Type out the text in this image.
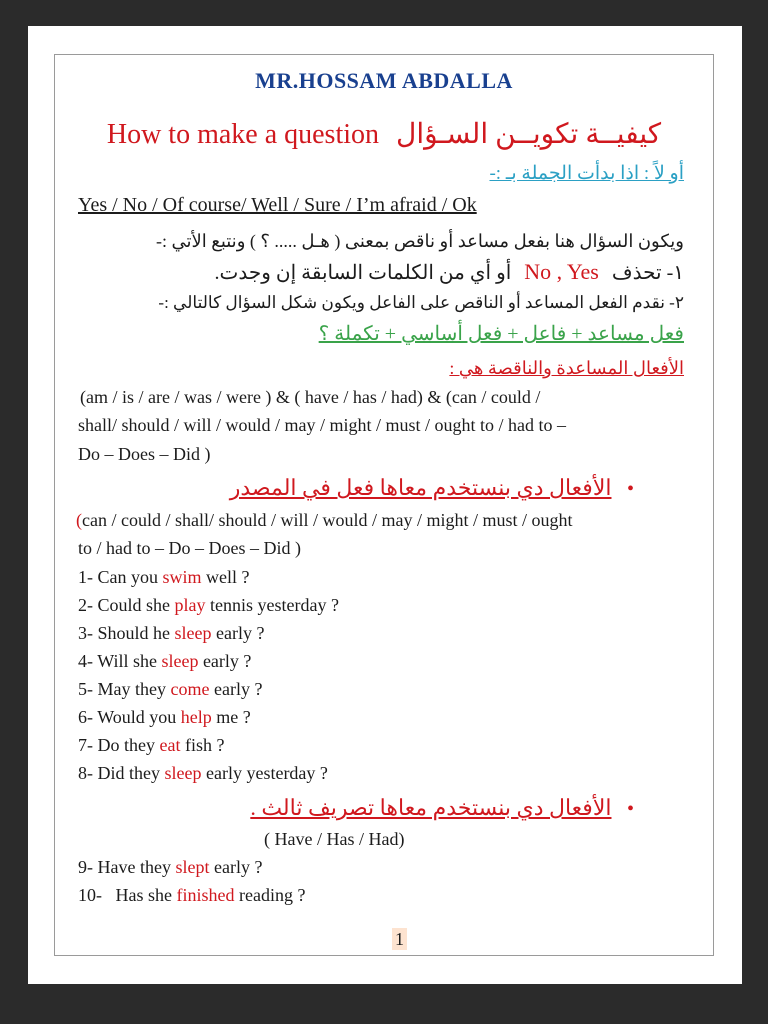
MR.HOSSAM ABDALLA
How to make a question كيفيــة تكويــن السـؤال
أو لاً : اذا بدأت الجملة بـ :-
Yes / No / Of course/ Well / Sure / I’m afraid / Ok
ويكون السؤال هنا بفعل مساعد أو ناقص بمعنى ( هـل ..... ؟ ) ونتبع الأتي :-
١- تحذف No , Yes أو أي من الكلمات السابقة إن وجدت.
٢- نقدم الفعل المساعد أو الناقص على الفاعل ويكون شكل السؤال كالتالي :-
فعل مساعد + فاعل + فعل أساسي + تكملة ؟
الأفعال المساعدة والناقصة هي :
(am / is / are / was / were ) & ( have / has / had) & (can / could /
shall/ should / will / would / may / might / must / ought to / had to –
Do – Does – Did )
• الأفعال دي بنستخدم معاها فعل في المصدر
(can / could / shall/ should / will / would / may / might / must / ought
to / had to – Do – Does – Did )
1- Can you swim well ?
2- Could she play tennis yesterday ?
3- Should he sleep early ?
4- Will she sleep early ?
5- May they come early ?
6- Would you help me ?
7- Do they eat fish ?
8- Did they sleep early yesterday ?
• الأفعال دي بنستخدم معاها تصريف ثالث .
( Have / Has / Had)
9- Have they slept early ?
10-   Has she finished reading ?
1
